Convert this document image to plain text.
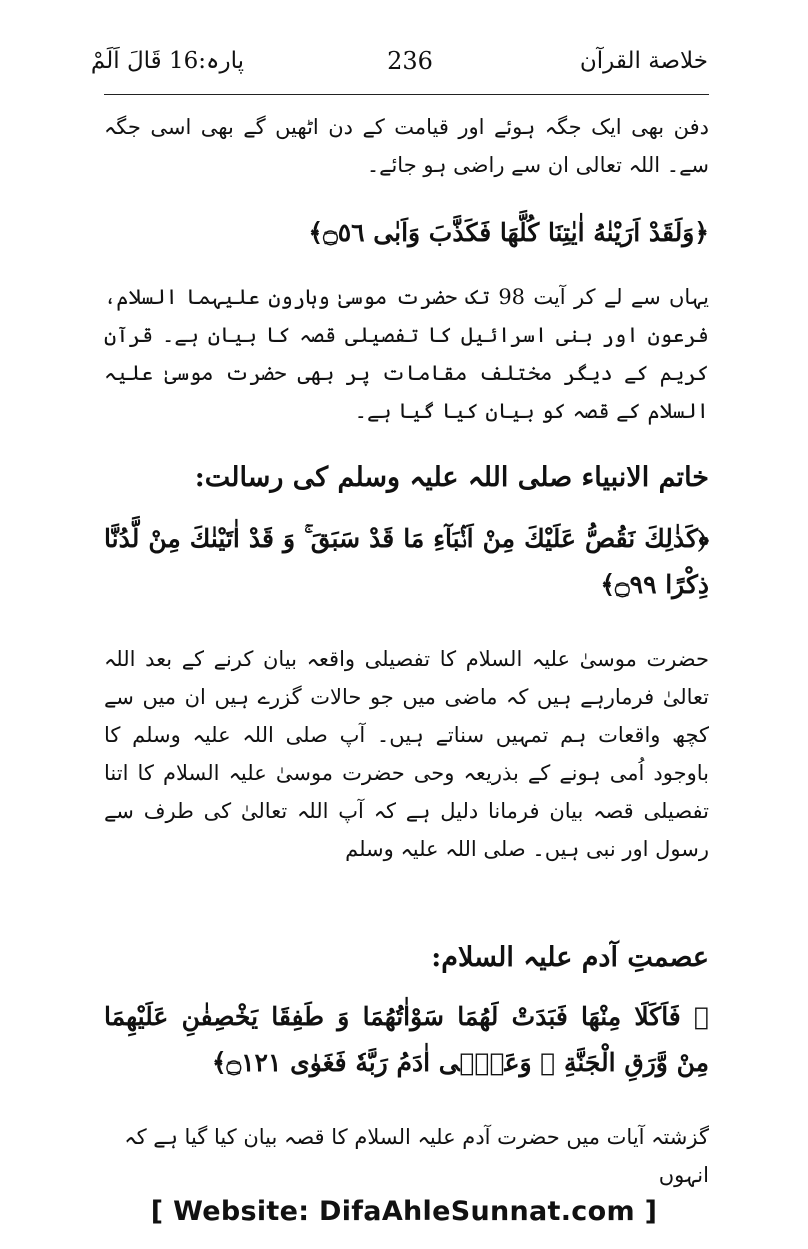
خلاصة القرآن
236
پارہ:16 قَالَ اَلَمْ

دفن بھی ایک جگہ ہوئے اور قیامت کے دن اٹھیں گے بھی اسی جگہ سے۔ اللہ تعالی ان سے راضی ہو جائے۔

﴿وَلَقَدْ اَرَیْنٰهُ اٰیٰتِنَا كُلَّهَا فَكَذَّبَ وَاَبٰى ۝٥٦﴾

یہاں سے لے کر آیت 98 تک حضرت موسیٰ وہارون علیہما السلام، فرعون اور بنی اسرائیل کا تفصیلی قصہ کا بیان ہے۔ قرآن کریم کے دیگر مختلف مقامات پر بھی حضرت موسیٰ علیہ السلام کے قصہ کو بیان کیا گیا ہے۔

خاتم الانبیاء صلی اللہ علیہ وسلم کی رسالت:

﴿كَذٰلِكَ نَقُصُّ عَلَیْكَ مِنْ اَنْۢبَآءِ مَا قَدْ سَبَقَ ۚ وَ قَدْ اٰتَیْنٰكَ مِنْ لَّدُنَّا ذِكْرًا ۝٩٩﴾

حضرت موسیٰ علیہ السلام کا تفصیلی واقعہ بیان کرنے کے بعد اللہ تعالیٰ فرمارہے ہیں کہ ماضی میں جو حالات گزرے ہیں ان میں سے کچھ واقعات ہم تمہیں سناتے ہیں۔ آپ صلی اللہ علیہ وسلم کا باوجود اُمی ہونے کے بذریعہ وحی حضرت موسیٰ علیہ السلام کا اتنا تفصیلی قصہ بیان فرمانا دلیل ہے کہ آپ اللہ تعالیٰ کی طرف سے رسول اور نبی ہیں۔ صلی اللہ علیہ وسلم

عصمتِ آدم علیہ السلام:

﴿ فَاَكَلَا مِنْهَا فَبَدَتْ لَهُمَا سَوْاٰتُهُمَا وَ طَفِقَا یَخْصِفٰنِ عَلَیْهِمَا مِنْ وَّرَقِ الْجَنَّةِ ۫ وَعَصٰۤى اٰدَمُ رَبَّهٗ فَغَوٰى ۝١٢١﴾

گزشتہ آیات میں حضرت آدم علیہ السلام کا قصہ بیان کیا گیا ہے کہ انہوں

[ Website: DifaAhleSunnat.com ]
